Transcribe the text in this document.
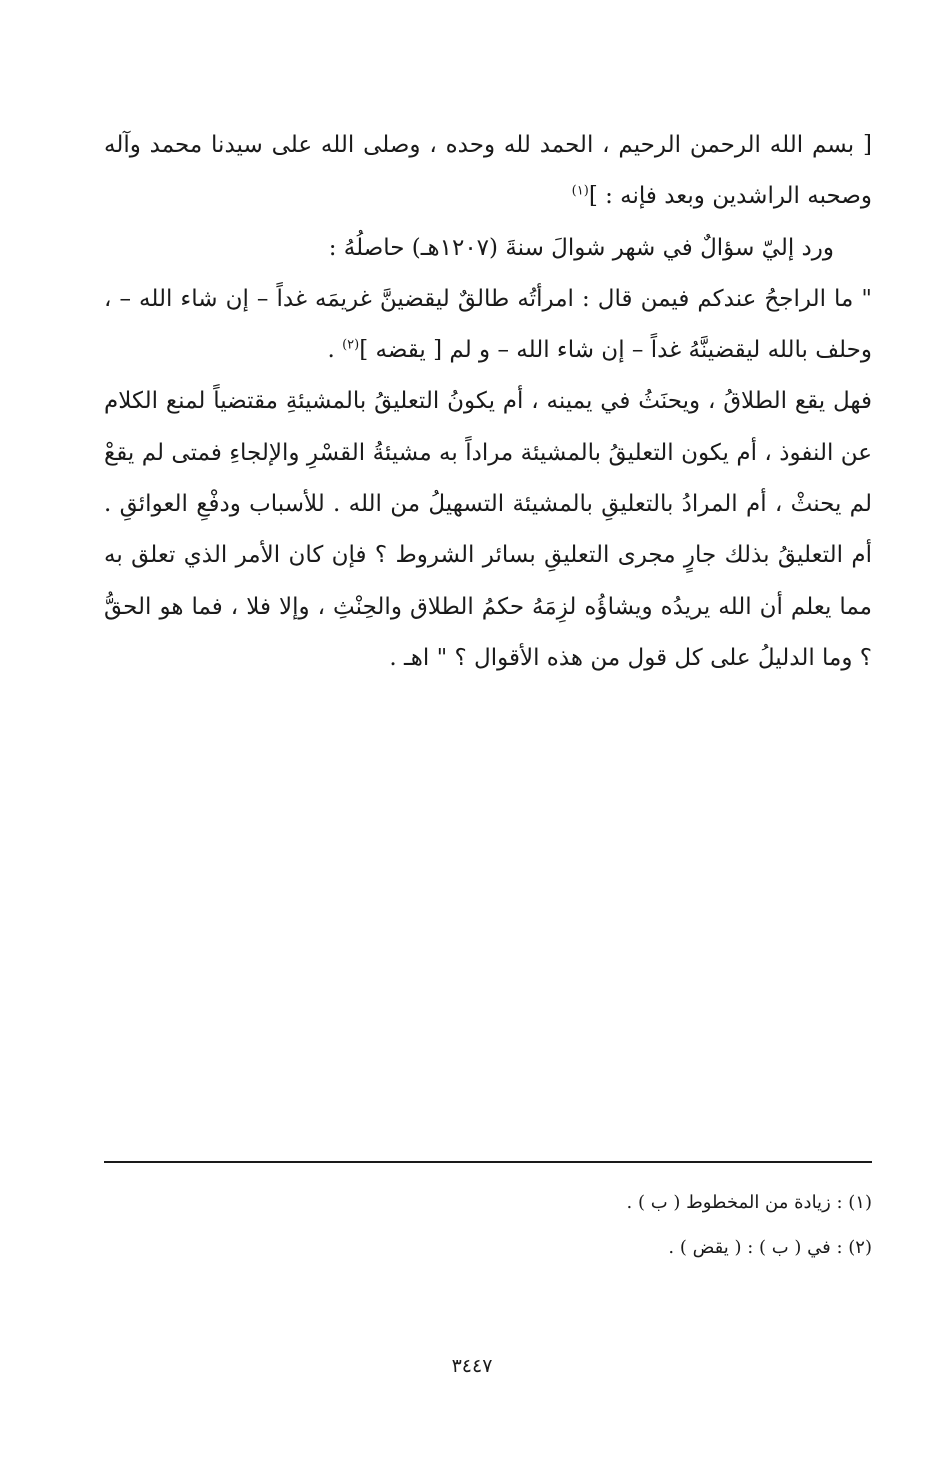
[ بسم الله الرحمن الرحيم ، الحمد لله وحده ، وصلى الله على سيدنا محمد وآله وصحبه الراشدين وبعد فإنه : ]$^{(١)}$

ورد إليّ سؤالٌ في شهر شوالَ سنةَ (١٢٠٧هـ) حاصلُهُ :

" ما الراجحُ عندكم فيمن قال : امرأتُه طالقٌ ليقضينَّ غريمَه غداً – إن شاء الله – ، وحلف بالله ليقضينَّهُ غداً – إن شاء الله – و لم [ يقضه ]$^{(٢)}$ .

فهل يقع الطلاقُ ، ويحنَثُ في يمينه ، أم يكونُ التعليقُ بالمشيئةِ مقتضياً لمنع الكلام عن النفوذ ، أم يكون التعليقُ بالمشيئة مراداً به مشيئةُ القسْرِ والإلجاءِ فمتى لم يقعْ لم يحنثْ ، أم المرادُ بالتعليقِ بالمشيئة التسهيلُ من الله . للأسباب ودفْعِ العوائقِ . أم التعليقُ بذلك جارٍ مجرى التعليقِ بسائر الشروط ؟ فإن كان الأمر الذي تعلق به مما يعلم أن الله يريدُه ويشاؤُه لزِمَهُ حكمُ الطلاق والحِنْثِ ، وإلا فلا ، فما هو الحقُّ ؟ وما الدليلُ على كل قول من هذه الأقوال ؟ " اهـ .

(١) : زيادة من المخطوط ( ب ) .

(٢) : في ( ب ) : ( يقض ) .

٣٤٤٧
